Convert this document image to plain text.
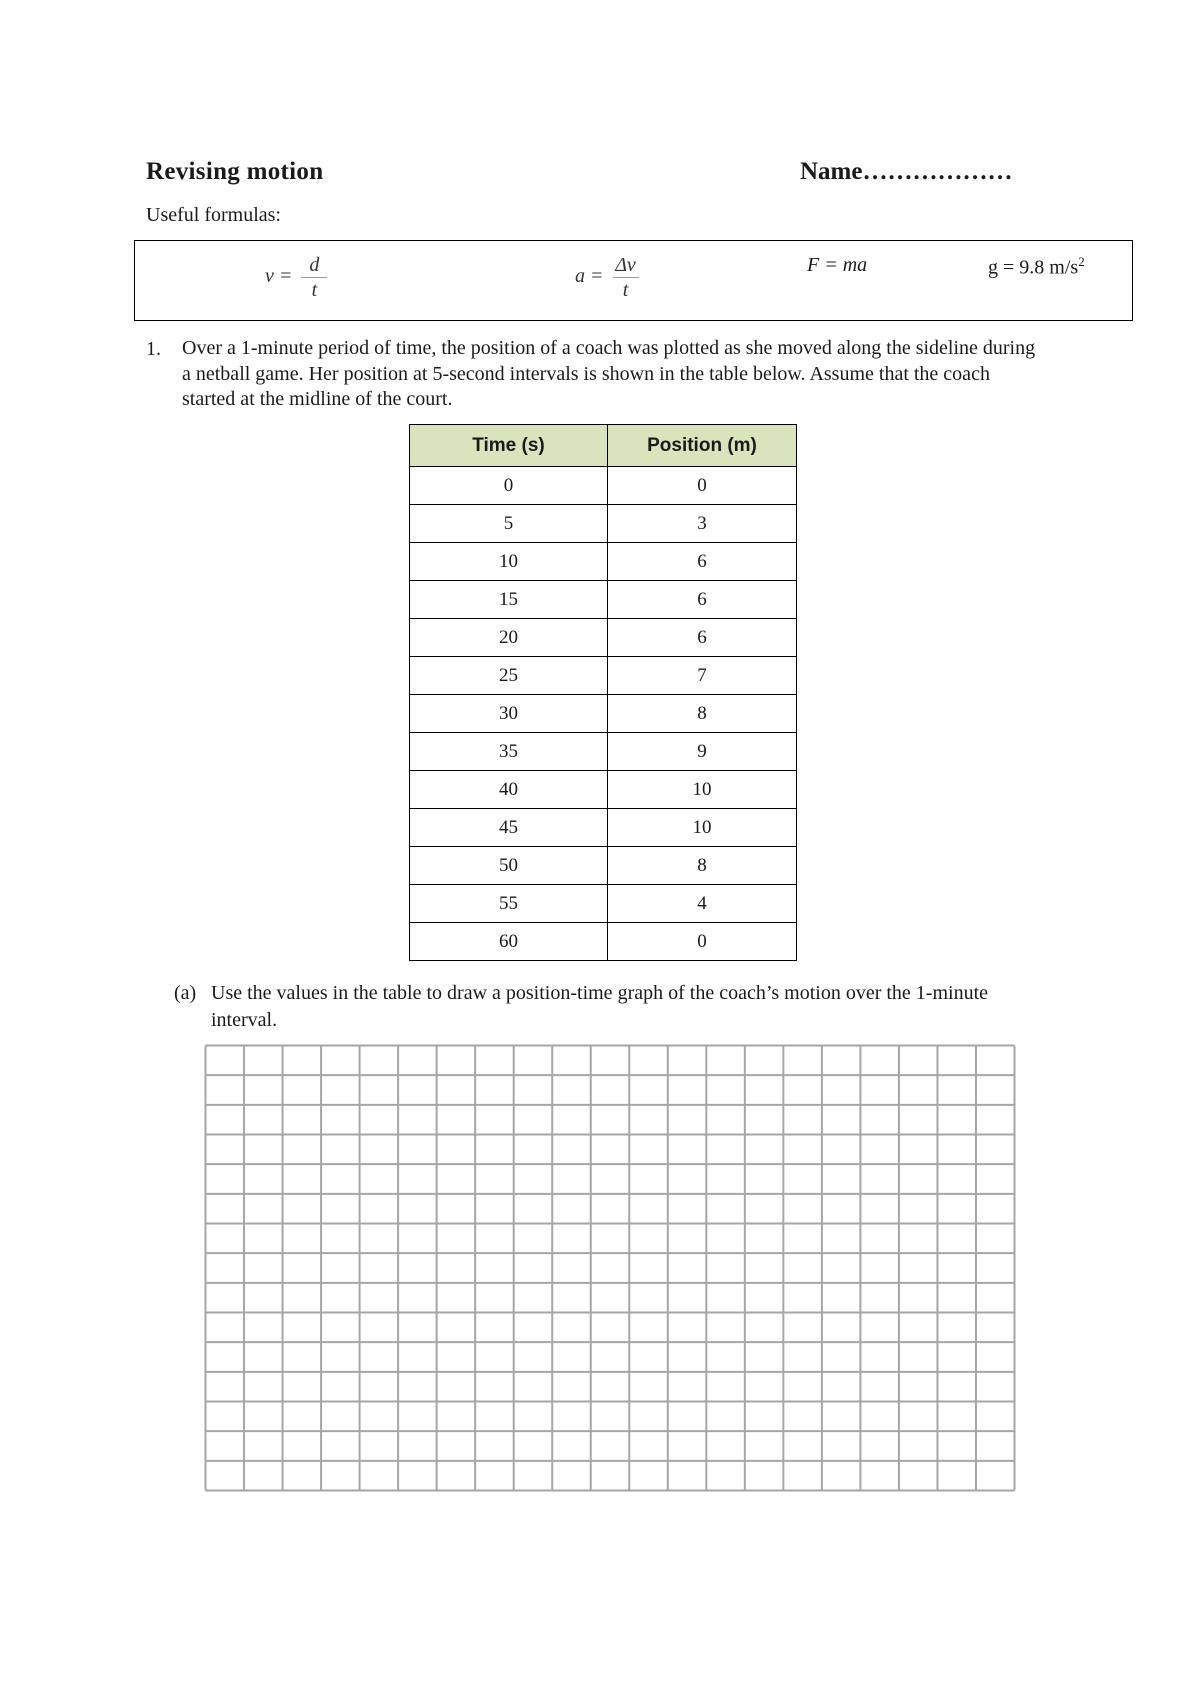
Revising motion	Name………………
Useful formulas:
$v = \frac{d}{t}$	$a = \frac{\Delta v}{t}$	F = ma	g = 9.8 $m/s^2$
1. Over a 1-minute period of time, the position of a coach was plotted as she moved along the sideline during a netball game. Her position at 5-second intervals is shown in the table below. Assume that the coach started at the midline of the court.
Time (s)	Position (m)
0	0
5	3
10	6
15	6
20	6
25	7
30	8
35	9
40	10
45	10
50	8
55	4
60	0
(a) Use the values in the table to draw a position-time graph of the coach’s motion over the 1-minute interval.
